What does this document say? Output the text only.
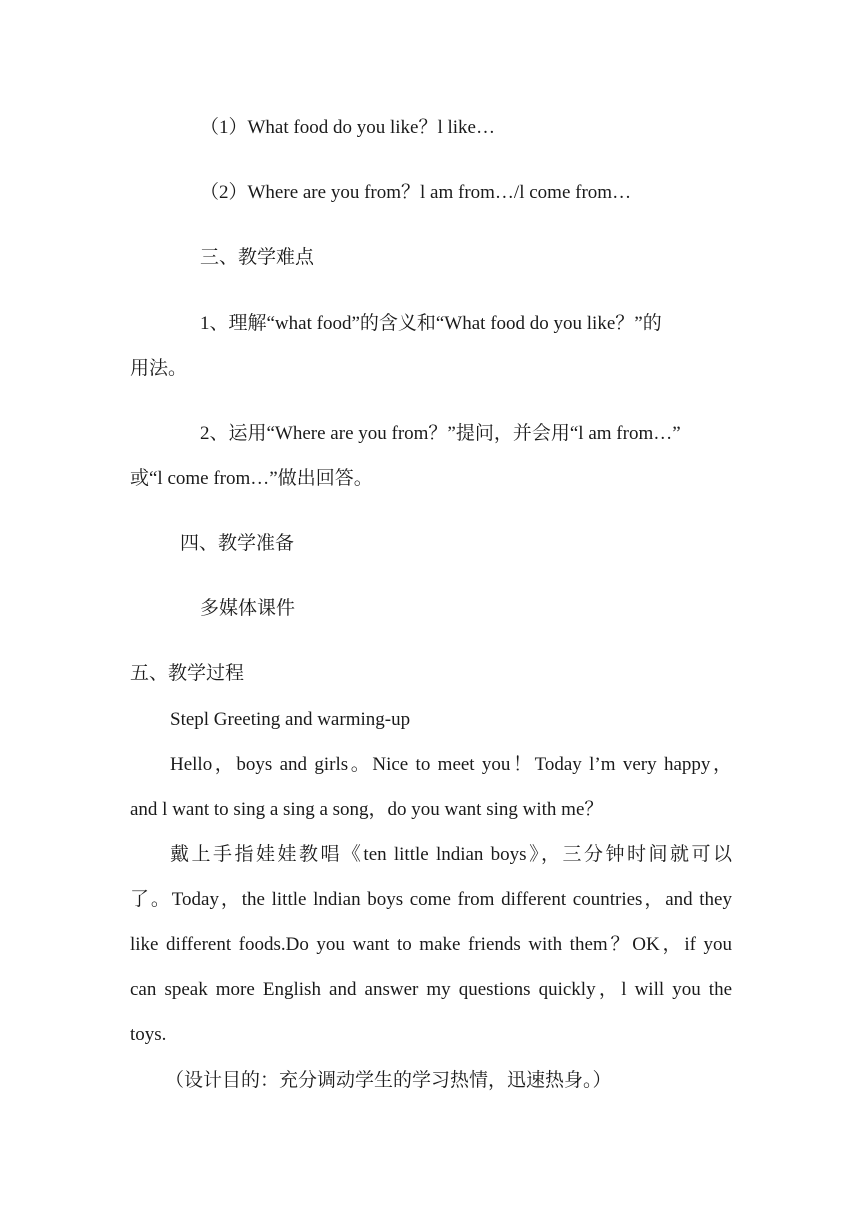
（1）What food do you like？l like…
（2）Where are you from？l am from…/l come from…
三、教学难点
1、理解“what food”的含义和“What food do you like？”的
用法。
2、运用“Where are you from？”提问，并会用“l am from…”
或“l come from…”做出回答。
四、教学准备
多媒体课件
五、教学过程
Stepl Greeting and warming-up
Hello，boys and girls。Nice to meet you！Today l’m very happy，
and l want to sing a sing a song，do you want sing with me？
戴上手指娃娃教唱《ten little lndian boys》，三分钟时间就可以
了。Today，the little lndian boys come from different countries，and they
like different foods.Do you want to make friends with them？OK，if you
can speak more English and answer my questions quickly，l will you the
toys.
（设计目的：充分调动学生的学习热情，迅速热身。）
